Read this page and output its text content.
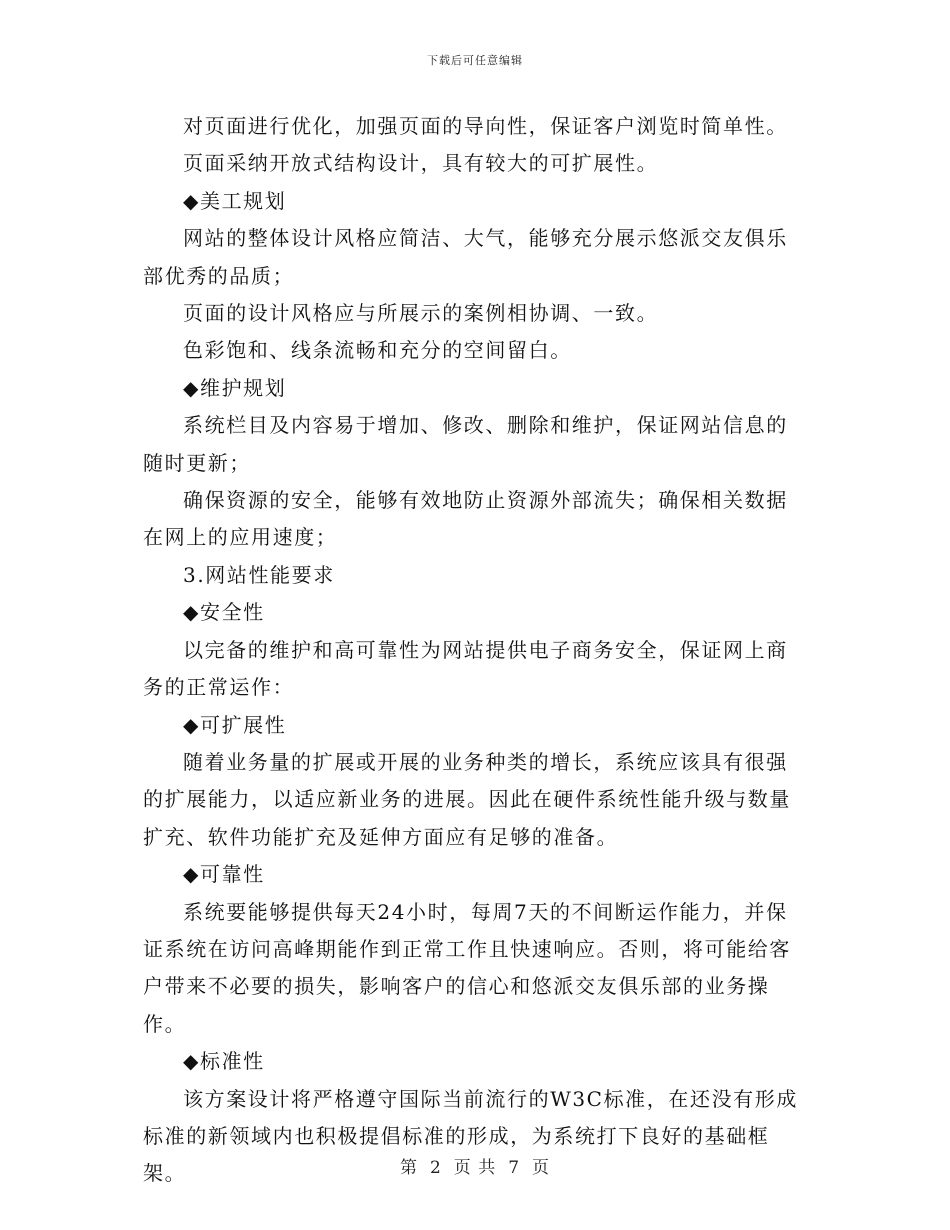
下载后可任意编辑

对页面进行优化，加强页面的导向性，保证客户浏览时简单性。

页面采纳开放式结构设计，具有较大的可扩展性。

◆美工规划

网站的整体设计风格应简洁、大气，能够充分展示悠派交友俱乐部优秀的品质；

页面的设计风格应与所展示的案例相协调、一致。

色彩饱和、线条流畅和充分的空间留白。

◆维护规划

系统栏目及内容易于增加、修改、删除和维护，保证网站信息的随时更新；

确保资源的安全，能够有效地防止资源外部流失；确保相关数据在网上的应用速度；

3.网站性能要求

◆安全性

以完备的维护和高可靠性为网站提供电子商务安全，保证网上商务的正常运作：

◆可扩展性

随着业务量的扩展或开展的业务种类的增长，系统应该具有很强的扩展能力，以适应新业务的进展。因此在硬件系统性能升级与数量扩充、软件功能扩充及延伸方面应有足够的准备。

◆可靠性

系统要能够提供每天24小时，每周7天的不间断运作能力，并保证系统在访问高峰期能作到正常工作且快速响应。否则，将可能给客户带来不必要的损失，影响客户的信心和悠派交友俱乐部的业务操作。

◆标准性

该方案设计将严格遵守国际当前流行的W3C标准，在还没有形成标准的新领域内也积极提倡标准的形成，为系统打下良好的基础框架。	第 2 页 共 7 页
